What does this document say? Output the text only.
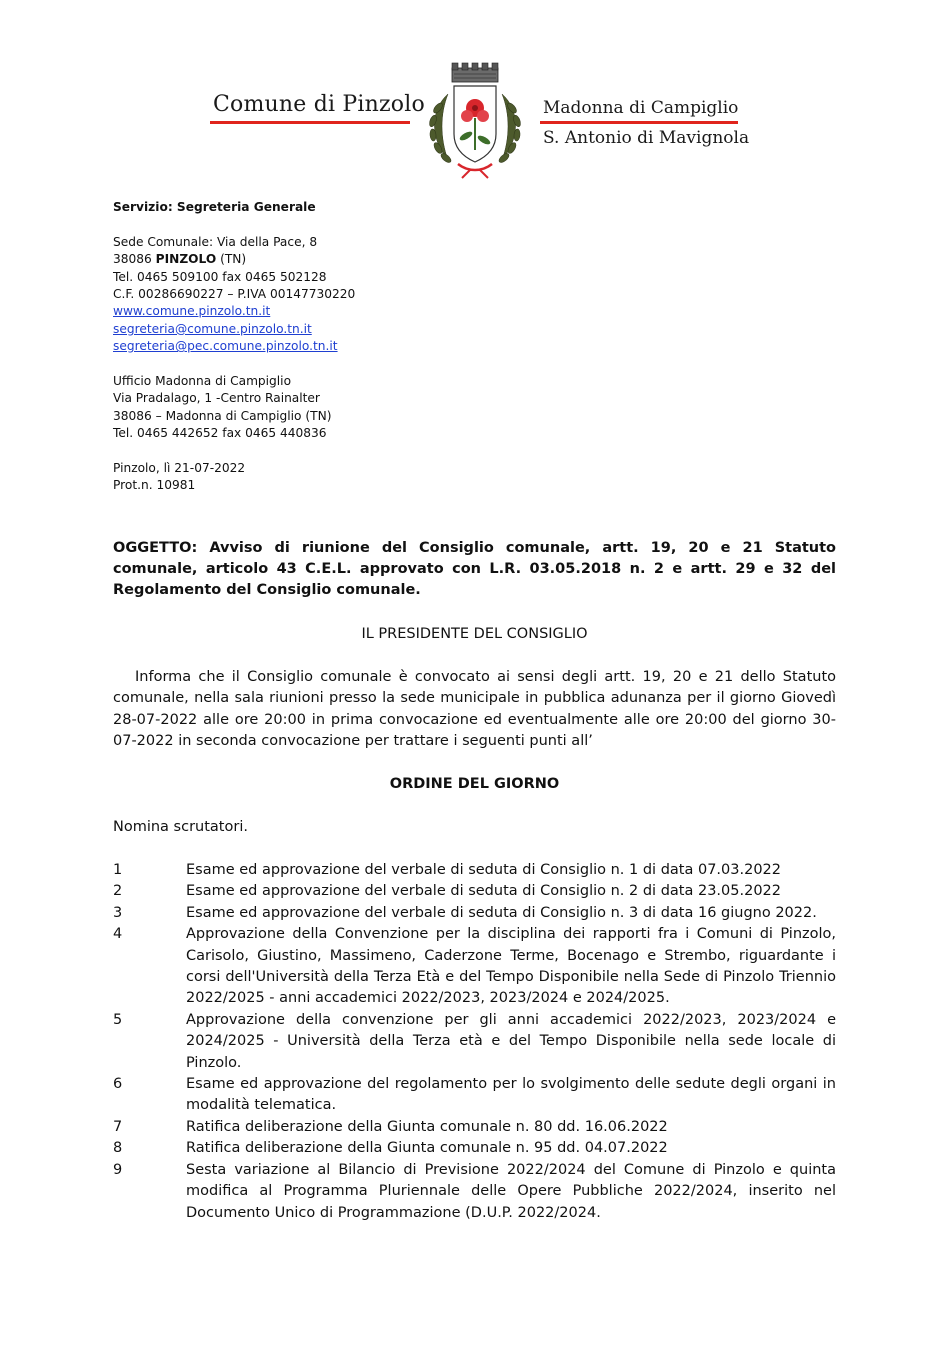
Comune di Pinzolo	Madonna di Campiglio
S. Antonio di Mavignola
Servizio: Segreteria Generale
Sede Comunale: Via della Pace, 8
38086 PINZOLO (TN)
Tel. 0465 509100 fax 0465 502128
C.F. 00286690227 – P.IVA 00147730220
www.comune.pinzolo.tn.it
segreteria@comune.pinzolo.tn.it
segreteria@pec.comune.pinzolo.tn.it
Ufficio Madonna di Campiglio
Via Pradalago, 1 -Centro Rainalter
38086 – Madonna di Campiglio (TN)
Tel. 0465 442652 fax 0465 440836
Pinzolo, lì 21-07-2022
Prot.n. 10981
OGGETTO: Avviso di riunione del Consiglio comunale, artt. 19, 20 e 21 Statuto comunale, articolo 43 C.E.L. approvato con L.R. 03.05.2018 n. 2 e artt. 29 e 32 del Regolamento del Consiglio comunale.
IL PRESIDENTE DEL CONSIGLIO
Informa che il Consiglio comunale è convocato ai sensi degli artt. 19, 20 e 21 dello Statuto comunale, nella sala riunioni presso la sede municipale in pubblica adunanza per il giorno Giovedì 28-07-2022 alle ore 20:00 in prima convocazione ed eventualmente alle ore 20:00 del giorno 30-07-2022 in seconda convocazione per trattare i seguenti punti all’
ORDINE DEL GIORNO
Nomina scrutatori.
1	Esame ed approvazione del verbale di seduta di Consiglio n. 1 di data 07.03.2022
2	Esame ed approvazione del verbale di seduta di Consiglio n. 2 di data 23.05.2022
3	Esame ed approvazione del verbale di seduta di Consiglio n. 3 di data 16 giugno 2022.
4	Approvazione della Convenzione per la disciplina dei rapporti fra i Comuni di Pinzolo, Carisolo, Giustino, Massimeno, Caderzone Terme, Bocenago e Strembo, riguardante i corsi dell'Università della Terza Età e del Tempo Disponibile nella Sede di Pinzolo Triennio 2022/2025 - anni accademici 2022/2023, 2023/2024 e 2024/2025.
5	Approvazione della convenzione per gli anni accademici 2022/2023, 2023/2024 e 2024/2025 - Università della Terza età e del Tempo Disponibile nella sede locale di Pinzolo.
6	Esame ed approvazione del regolamento per lo svolgimento delle sedute degli organi in modalità telematica.
7	Ratifica deliberazione della Giunta comunale n. 80 dd. 16.06.2022
8	Ratifica deliberazione della Giunta comunale n. 95 dd. 04.07.2022
9	Sesta variazione al Bilancio di Previsione 2022/2024 del Comune di Pinzolo e quinta modifica al Programma Pluriennale delle Opere Pubbliche 2022/2024, inserito nel Documento Unico di Programmazione (D.U.P. 2022/2024.
